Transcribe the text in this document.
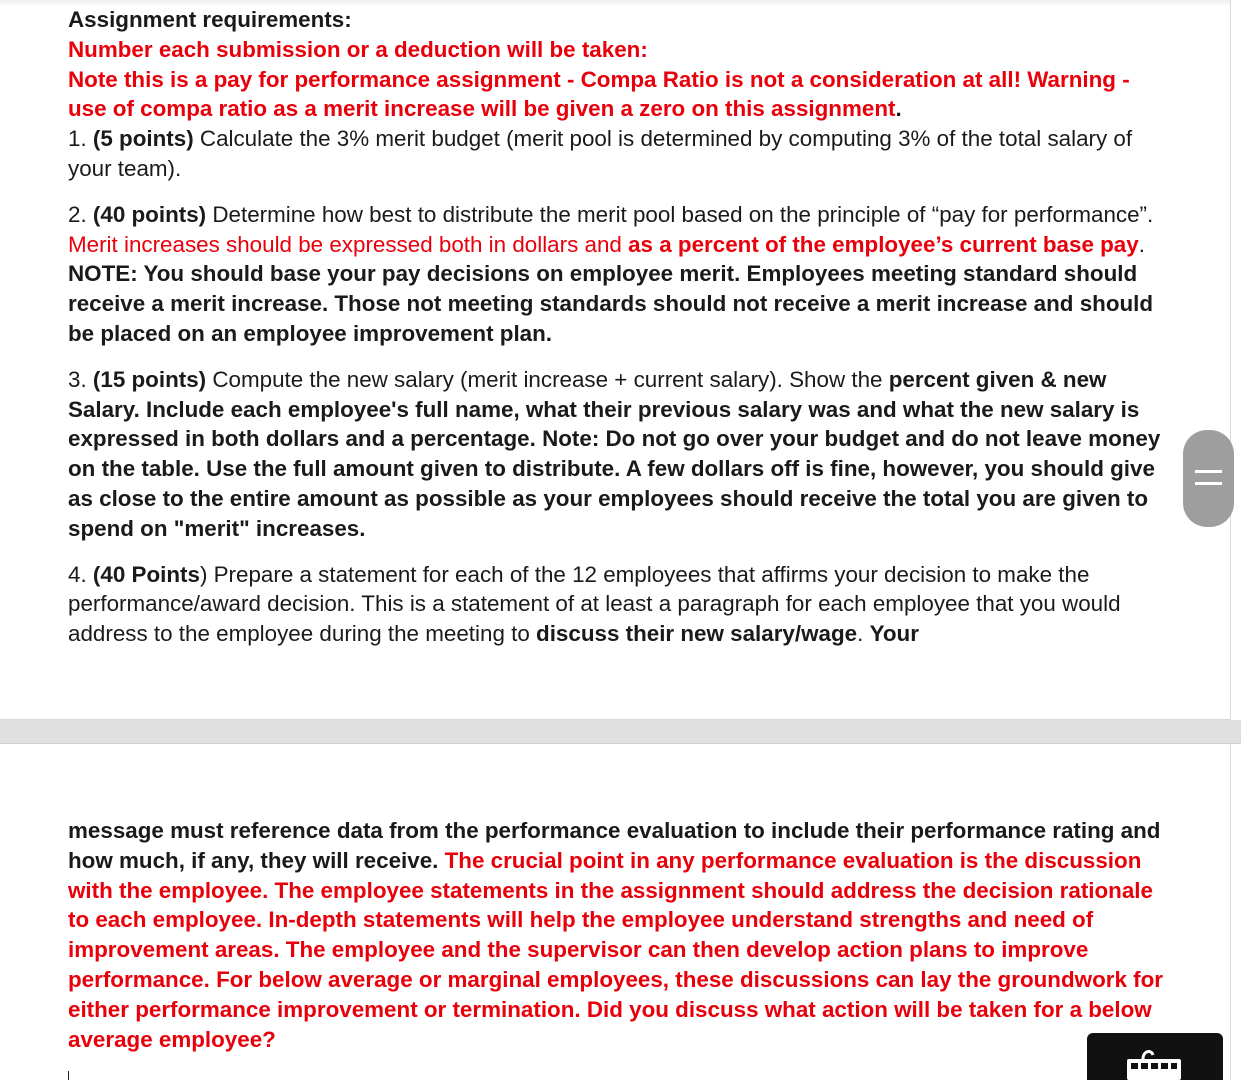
Assignment requirements:

Number each submission or a deduction will be taken:

Note this is a pay for performance assignment - Compa Ratio is not a consideration at all! Warning - use of compa ratio as a merit increase will be given a zero on this assignment.

1. (5 points) Calculate the 3% merit budget (merit pool is determined by computing 3% of the total salary of your team).

2. (40 points) Determine how best to distribute the merit pool based on the principle of “pay for performance”. Merit increases should be expressed both in dollars and as a percent of the employee’s current base pay. NOTE: You should base your pay decisions on employee merit. Employees meeting standard should receive a merit increase. Those not meeting standards should not receive a merit increase and should be placed on an employee improvement plan.

3. (15 points) Compute the new salary (merit increase + current salary). Show the percent given & new Salary. Include each employee's full name, what their previous salary was and what the new salary is expressed in both dollars and a percentage. Note: Do not go over your budget and do not leave money on the table. Use the full amount given to distribute. A few dollars off is fine, however, you should give as close to the entire amount as possible as your employees should receive the total you are given to spend on "merit" increases.

4. (40 Points) Prepare a statement for each of the 12 employees that affirms your decision to make the performance/award decision. This is a statement of at least a paragraph for each employee that you would address to the employee during the meeting to discuss their new salary/wage. Your

message must reference data from the performance evaluation to include their performance rating and how much, if any, they will receive. The crucial point in any performance evaluation is the discussion with the employee. The employee statements in the assignment should address the decision rationale to each employee. In-depth statements will help the employee understand strengths and need of improvement areas. The employee and the supervisor can then develop action plans to improve performance. For below average or marginal employees, these discussions can lay the groundwork for either performance improvement or termination. Did you discuss what action will be taken for a below average employee?
